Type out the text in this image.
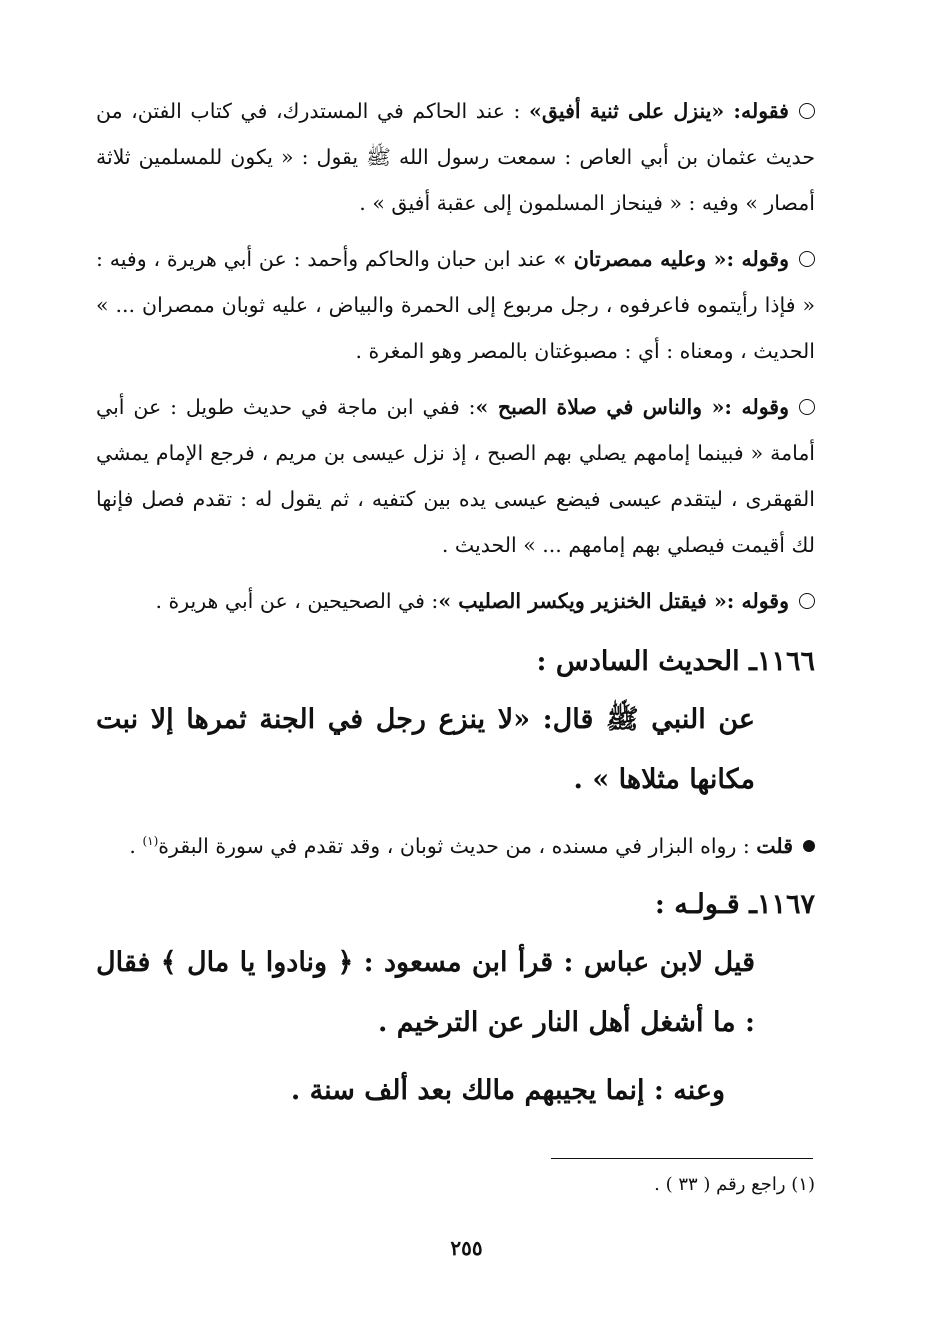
فقوله: «ينزل على ثنية أفيق» : عند الحاكم في المستدرك، في كتاب الفتن، من حديث عثمان بن أبي العاص : سمعت رسول الله ﷺ يقول : « يكون للمسلمين ثلاثة أمصار » وفيه : « فينحاز المسلمون إلى عقبة أفيق » .

وقوله :« وعليه ممصرتان » عند ابن حبان والحاكم وأحمد : عن أبي هريرة ، وفيه : « فإذا رأيتموه فاعرفوه ، رجل مربوع إلى الحمرة والبياض ، عليه ثوبان ممصران ... » الحديث ، ومعناه : أي : مصبوغتان بالمصر وهو المغرة .

وقوله :« والناس في صلاة الصبح »: ففي ابن ماجة في حديث طويل : عن أبي أمامة « فبينما إمامهم يصلي بهم الصبح ، إذ نزل عيسى بن مريم ، فرجع الإمام يمشي القهقرى ، ليتقدم عيسى فيضع عيسى يده بين كتفيه ، ثم يقول له : تقدم فصل فإنها لك أقيمت فيصلي بهم إمامهم ... » الحديث .

وقوله :« فيقتل الخنزير ويكسر الصليب »: في الصحيحين ، عن أبي هريرة .

١١٦٦ـ الحديث السادس :

عن النبي ﷺ قال: «لا ينزع رجل في الجنة ثمرها إلا نبت مكانها مثلاها » .

قلت : رواه البزار في مسنده ، من حديث ثوبان ، وقد تقدم في سورة البقرة$^{(١)}$ .

١١٦٧ـ قـولـه :

قيل لابن عباس : قرأ ابن مسعود : ﴿ ونادوا يا مال ﴾ فقال : ما أشغل أهل النار عن الترخيم .

وعنه : إنما يجيبهم مالك بعد ألف سنة .

(١) راجع رقم ( ٣٣ ) .
٢٥٥
